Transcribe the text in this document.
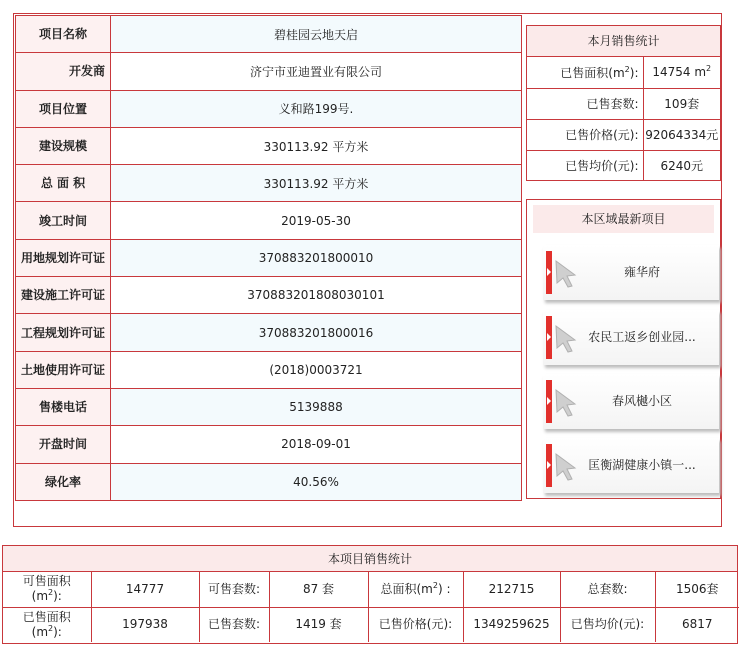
项目名称	碧桂园云地天启
开发商	济宁市亚迪置业有限公司
项目位置	义和路199号.
建设规模	330113.92 平方米
总 面 积	330113.92 平方米
竣工时间	2019-05-30
用地规划许可证	370883201800010
建设施工许可证	370883201808030101
工程规划许可证	370883201800016
土地使用许可证	(2018)0003721
售楼电话	5139888
开盘时间	2018-09-01
绿化率	40.56%
本月销售统计
已售面积$(m^2)$:	14754 $m^2$
已售套数:	109套
已售价格(元):	92064334元
已售均价(元):	6240元
本区域最新项目
雍华府
农民工返乡创业园...
春风樾小区
匡衡湖健康小镇一...
本项目销售统计
可售面积
$(m^2)$:	14777	可售套数:	87 套	总面积$(m^2)$ :	212715	总套数:	1506套
已售面积
$(m^2)$:	197938	已售套数:	1419 套	已售价格(元):	1349259625	已售均价(元):	6817
